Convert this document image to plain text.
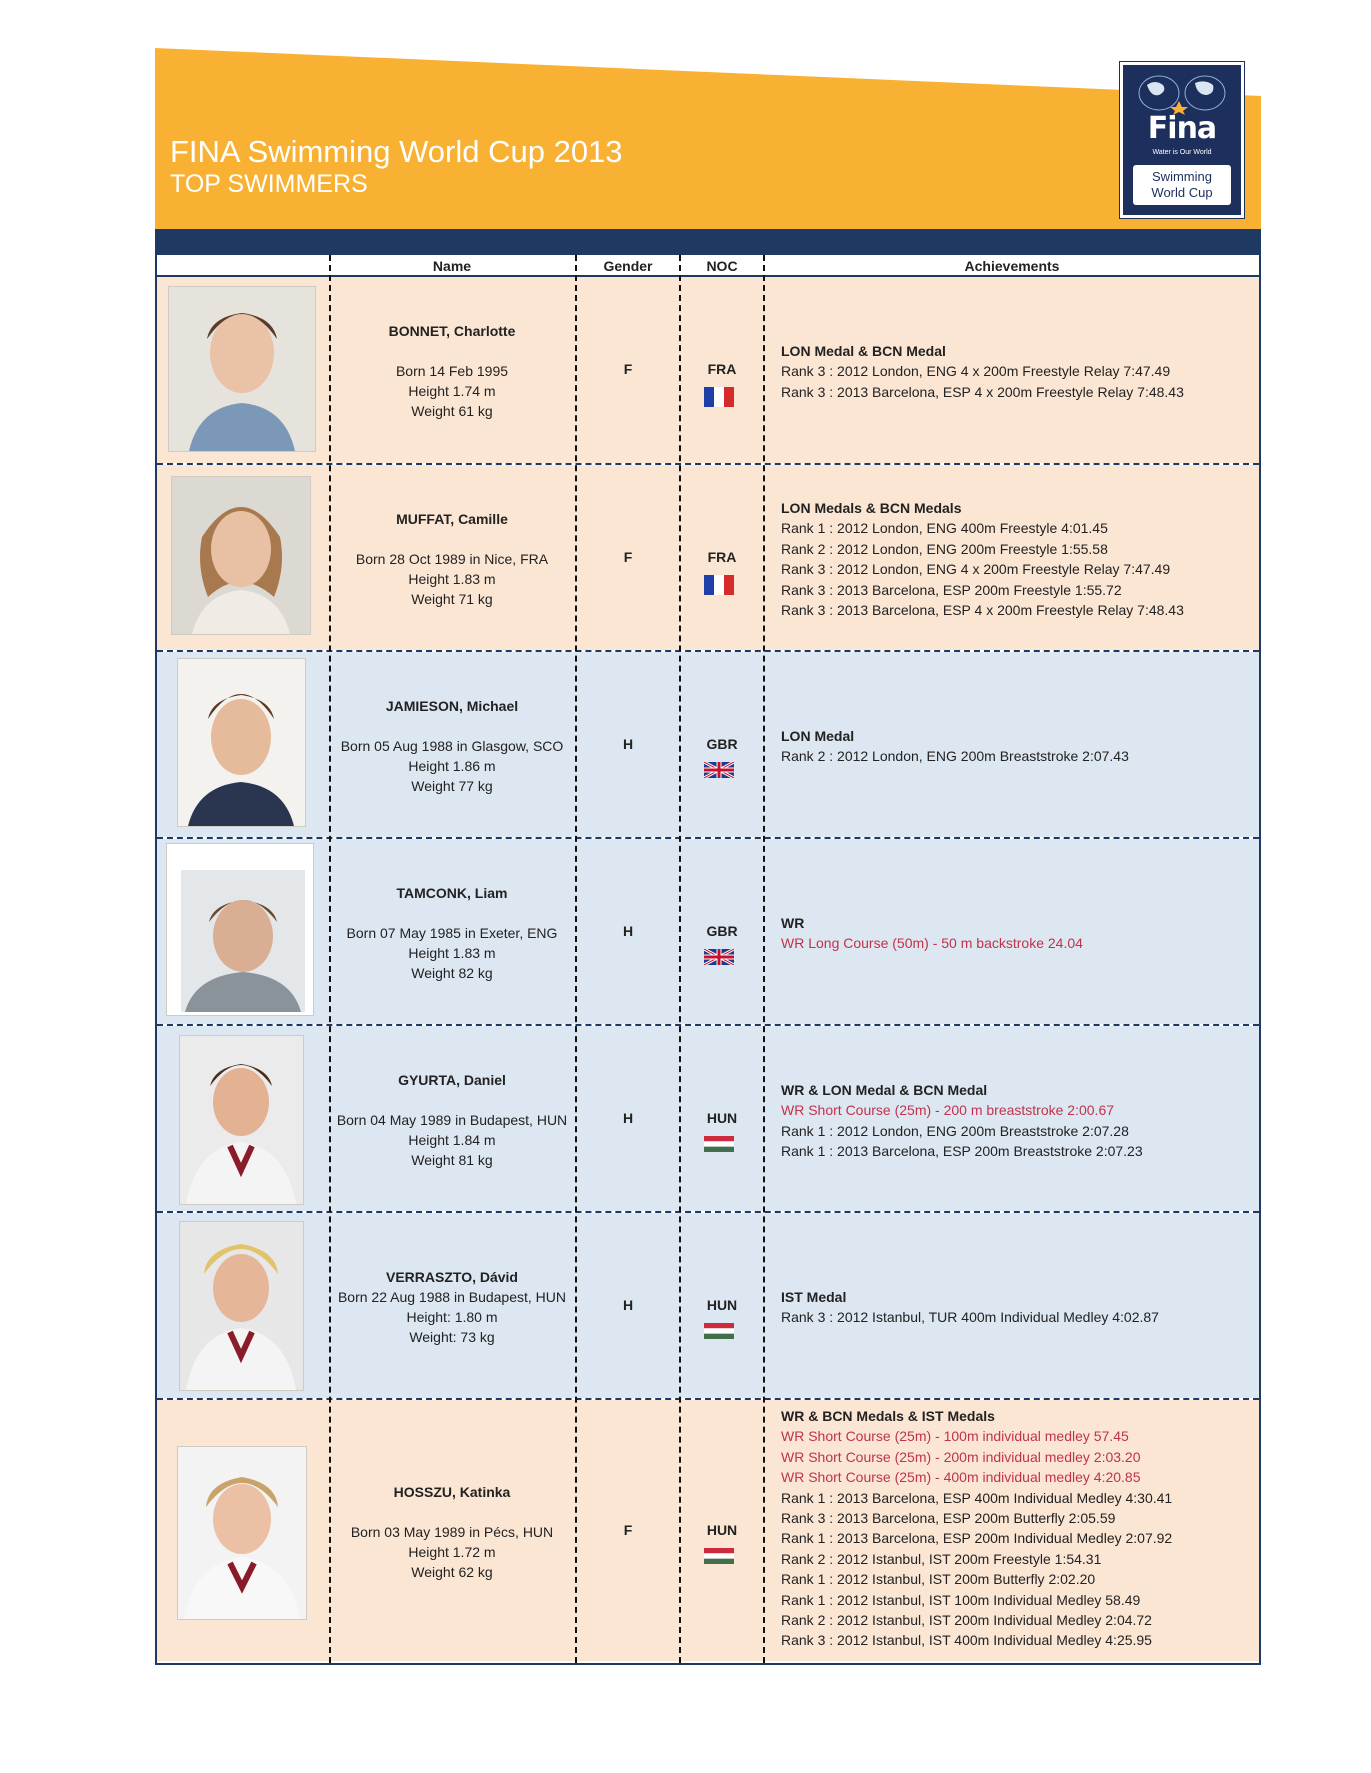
FINA Swimming World Cup 2013
TOP SWIMMERS
Fina
Water is Our World
Swimming
World Cup
Name	Gender	NOC	Achievements
BONNET, Charlotte
Born 14 Feb 1995
Height 1.74 m
Weight 61 kg
F	FRA
LON Medal & BCN Medal
Rank 3 : 2012 London, ENG 4 x 200m Freestyle Relay 7:47.49
Rank 3 : 2013 Barcelona, ESP 4 x 200m Freestyle Relay 7:48.43
MUFFAT, Camille
Born 28 Oct 1989 in Nice, FRA
Height 1.83 m
Weight 71 kg
F	FRA
LON Medals & BCN Medals
Rank 1 : 2012 London, ENG 400m Freestyle 4:01.45
Rank 2 : 2012 London, ENG 200m Freestyle 1:55.58
Rank 3 : 2012 London, ENG 4 x 200m Freestyle Relay 7:47.49
Rank 3 : 2013 Barcelona, ESP 200m Freestyle 1:55.72
Rank 3 : 2013 Barcelona, ESP 4 x 200m Freestyle Relay 7:48.43
JAMIESON, Michael
Born 05 Aug 1988 in Glasgow, SCO
Height 1.86 m
Weight 77 kg
H	GBR	LON Medal
Rank 2 : 2012 London, ENG 200m Breaststroke 2:07.43
TAMCONK, Liam
Born 07 May 1985 in Exeter, ENG
Height 1.83 m
Weight 82 kg
H	GBR	WR
WR Long Course (50m) - 50 m backstroke 24.04
GYURTA, Daniel
Born 04 May 1989 in Budapest, HUN
Height 1.84 m
Weight 81 kg
H	HUN
WR & LON Medal & BCN Medal
WR Short Course (25m) - 200 m breaststroke 2:00.67
Rank 1 : 2012 London, ENG 200m Breaststroke 2:07.28
Rank 1 : 2013 Barcelona, ESP 200m Breaststroke 2:07.23
VERRASZTO, Dávid
Born 22 Aug 1988 in Budapest, HUN
Height: 1.80 m
Weight: 73 kg
H	HUN	IST Medal
Rank 3 : 2012 Istanbul, TUR 400m Individual Medley 4:02.87
HOSSZU, Katinka
Born 03 May 1989 in Pécs, HUN
Height 1.72 m
Weight 62 kg
F	HUN
WR & BCN Medals & IST Medals
WR Short Course (25m) - 100m individual medley 57.45
WR Short Course (25m) - 200m individual medley 2:03.20
WR Short Course (25m) - 400m individual medley 4:20.85
Rank 1 : 2013 Barcelona, ESP 400m Individual Medley 4:30.41
Rank 3 : 2013 Barcelona, ESP 200m Butterfly 2:05.59
Rank 1 : 2013 Barcelona, ESP 200m Individual Medley 2:07.92
Rank 2 : 2012 Istanbul, IST 200m Freestyle 1:54.31
Rank 1 : 2012 Istanbul, IST 200m Butterfly 2:02.20
Rank 1 : 2012 Istanbul, IST 100m Individual Medley 58.49
Rank 2 : 2012 Istanbul, IST 200m Individual Medley 2:04.72
Rank 3 : 2012 Istanbul, IST 400m Individual Medley 4:25.95
